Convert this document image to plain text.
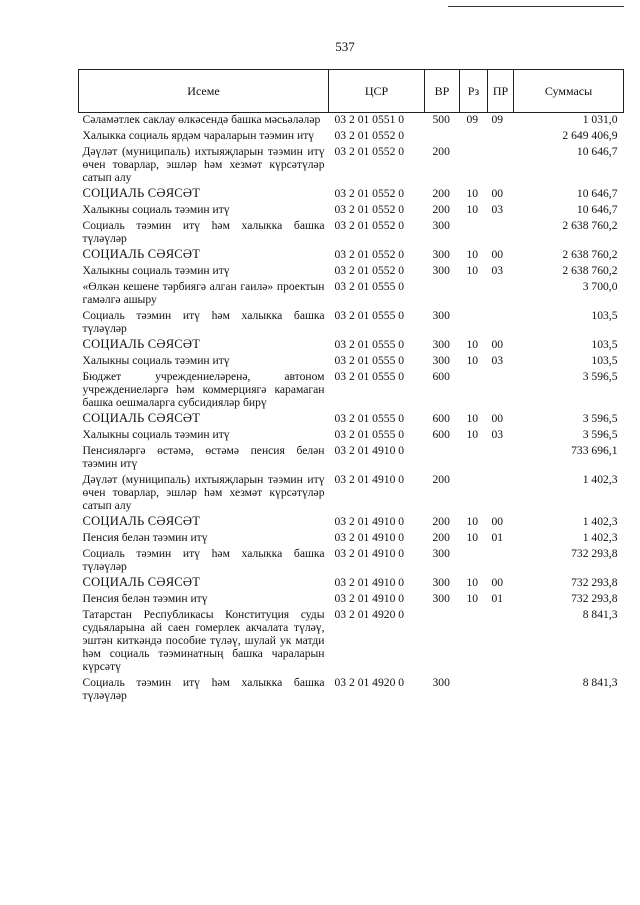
537
Исеме	ЦСР	ВР	Рз	ПР	Суммасы
Сәламәтлек саклау өлкәсендә башка мәсьәләләр	03 2 01 0551 0	500	09	09	1 031,0
Халыкка социаль ярдәм чараларын тәэмин итү	03 2 01 0552 0				2 649 406,9
Дәүләт (муниципаль) ихтыяҗларын тәэмин итү өчен товарлар, эшләр һәм хезмәт күрсәтүләр сатып алу	03 2 01 0552 0	200			10 646,7
СОЦИАЛЬ СӘЯСӘТ	03 2 01 0552 0	200	10	00	10 646,7
Халыкны социаль тәэмин итү	03 2 01 0552 0	200	10	03	10 646,7
Социаль тәэмин итү һәм халыкка башка түләүләр	03 2 01 0552 0	300			2 638 760,2
СОЦИАЛЬ СӘЯСӘТ	03 2 01 0552 0	300	10	00	2 638 760,2
Халыкны социаль тәэмин итү	03 2 01 0552 0	300	10	03	2 638 760,2
«Өлкән кешене тәрбиягә алган гаилә» проектын гамәлгә ашыру	03 2 01 0555 0				3 700,0
Социаль тәэмин итү һәм халыкка башка түләүләр	03 2 01 0555 0	300			103,5
СОЦИАЛЬ СӘЯСӘТ	03 2 01 0555 0	300	10	00	103,5
Халыкны социаль тәэмин итү	03 2 01 0555 0	300	10	03	103,5
Бюджет учреждениеләренә, автоном учреждениеләргә һәм коммерциягә карамаган башка оешмаларга субсидияләр бирү	03 2 01 0555 0	600			3 596,5
СОЦИАЛЬ СӘЯСӘТ	03 2 01 0555 0	600	10	00	3 596,5
Халыкны социаль тәэмин итү	03 2 01 0555 0	600	10	03	3 596,5
Пенсияләргә өстәмә, өстәмә пенсия белән тәэмин итү	03 2 01 4910 0				733 696,1
Дәүләт (муниципаль) ихтыяҗларын тәэмин итү өчен товарлар, эшләр һәм хезмәт күрсәтүләр сатып алу	03 2 01 4910 0	200			1 402,3
СОЦИАЛЬ СӘЯСӘТ	03 2 01 4910 0	200	10	00	1 402,3
Пенсия белән тәэмин итү	03 2 01 4910 0	200	10	01	1 402,3
Социаль тәэмин итү һәм халыкка башка түләүләр	03 2 01 4910 0	300			732 293,8
СОЦИАЛЬ СӘЯСӘТ	03 2 01 4910 0	300	10	00	732 293,8
Пенсия белән тәэмин итү	03 2 01 4910 0	300	10	01	732 293,8
Татарстан Республикасы Конституция суды судьяларына ай саен гомерлек акчалата түләү, эштән киткәндә пособие түләү, шулай ук матди һәм социаль тәэминатның башка чараларын күрсәтү	03 2 01 4920 0				8 841,3
Социаль тәэмин итү һәм халыкка башка түләүләр	03 2 01 4920 0	300			8 841,3
